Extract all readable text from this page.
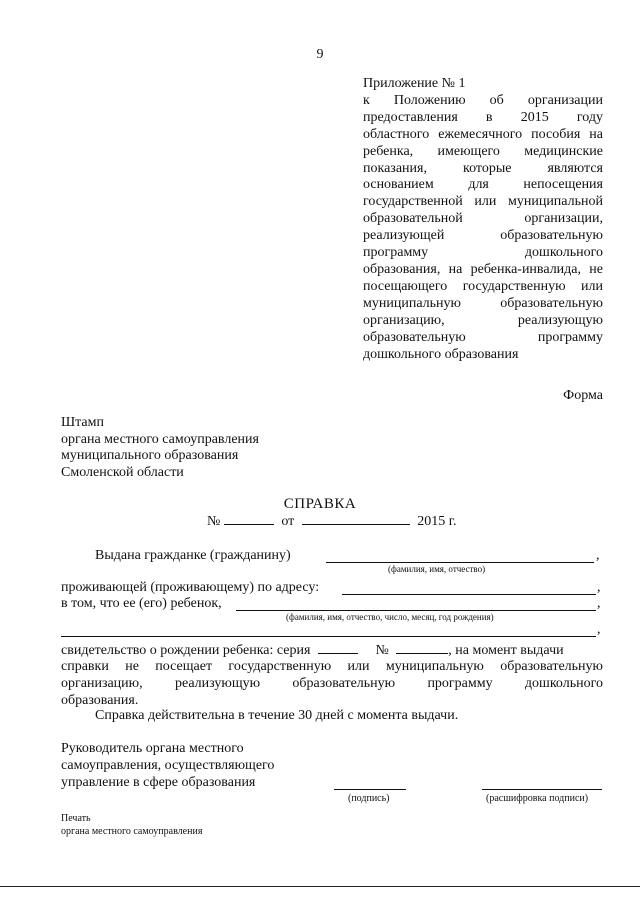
9
Приложение № 1
к Положению об организации
предоставления в 2015 году
областного ежемесячного пособия на
ребенка, имеющего медицинские
показания, которые являются
основанием для непосещения
государственной или муниципальной
образовательной организации,
реализующей образовательную
программу дошкольного
образования, на ребенка-инвалида, не
посещающего государственную или
муниципальную образовательную
организацию, реализующую
образовательную программу
дошкольного образования
Форма
Штамп
органа местного самоуправления
муниципального образования
Смоленской области
СПРАВКА
№	от	2015 г.
Выдана гражданке (гражданину)	,
(фамилия, имя, отчество)
проживающей (проживающему) по адресу:	,
в том, что ее (его) ребенок,	,
(фамилия, имя, отчество, число, месяц, год рождения)
,
свидетельство о рождении ребенка: серия	№	, на момент выдачи
справки не посещает государственную или муниципальную образовательную
организацию, реализующую образовательную программу дошкольного
образования.
Справка действительна в течение 30 дней с момента выдачи.
Руководитель органа местного
самоуправления, осуществляющего
управление в сфере образования
(подпись)	(расшифровка подписи)
Печать
органа местного самоуправления
